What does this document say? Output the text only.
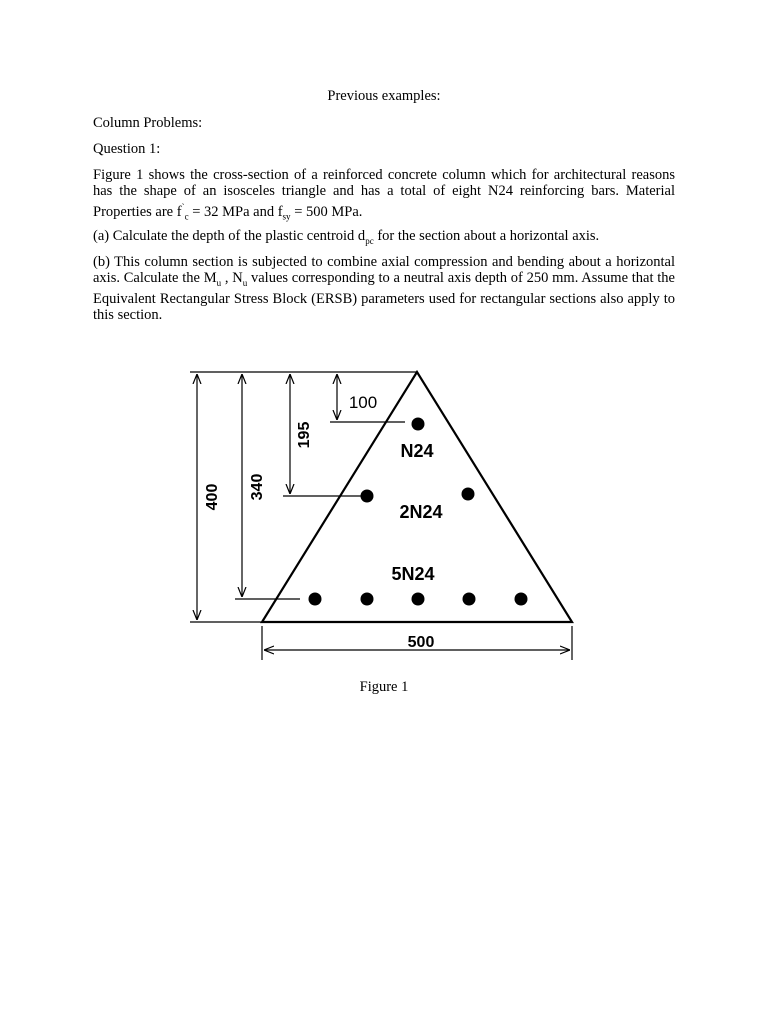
Previous examples:
Column Problems:
Question 1:
Figure 1 shows the cross-section of a reinforced concrete column which for architectural reasons has the shape of an isosceles triangle and has a total of eight N24 reinforcing bars. Material Properties are $f^`_c = 32$ MPa and $f_{sy} = 500$ MPa.
(a) Calculate the depth of the plastic centroid $d_{pc}$ for the section about a horizontal axis.
(b) This column section is subjected to combine axial compression and bending about a horizontal axis. Calculate the $M_u$ , $N_u$ values corresponding to a neutral axis depth of 250 mm. Assume that the Equivalent Rectangular Stress Block (ERSB) parameters used for rectangular sections also apply to this section.
400 340
195
100
500
N24
2N24
5N24
Figure 1
